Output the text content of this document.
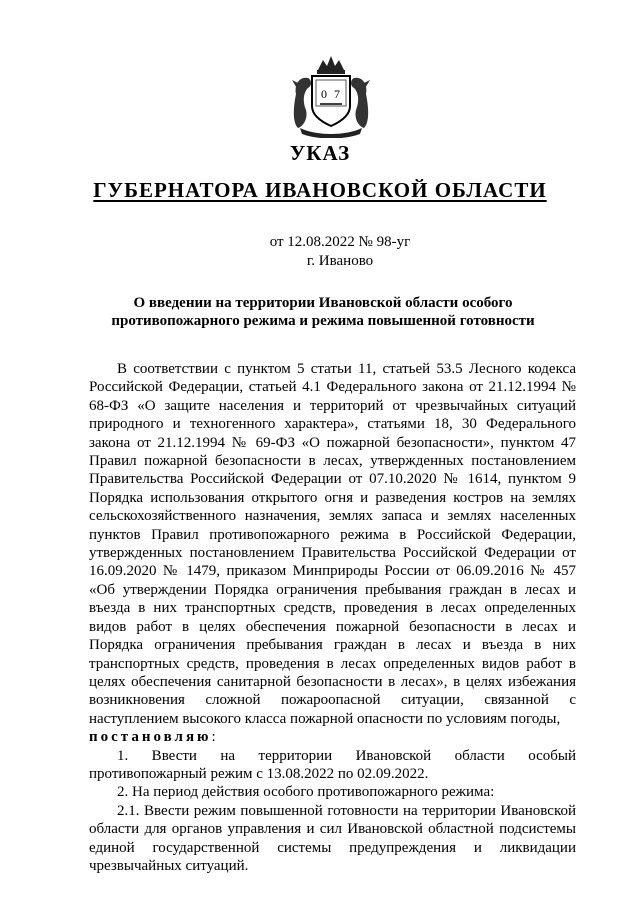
0 7
УКАЗ
ГУБЕРНАТОРА ИВАНОВСКОЙ ОБЛАСТИ
от 12.08.2022 № 98-уг
г. Иваново
О введении на территории Ивановской области особого
противопожарного режима и режима повышенной готовности

В соответствии с пунктом 5 статьи 11, статьей 53.5 Лесного кодекса Российской Федерации, статьей 4.1 Федерального закона от 21.12.1994 № 68-ФЗ «О защите населения и территорий от чрезвычайных ситуаций природного и техногенного характера», статьями 18, 30 Федерального закона от 21.12.1994 № 69-ФЗ «О пожарной безопасности», пунктом 47 Правил пожарной безопасности в лесах, утвержденных постановлением Правительства Российской Федерации от 07.10.2020 № 1614, пунктом 9 Порядка использования открытого огня и разведения костров на землях сельскохозяйственного назначения, землях запаса и землях населенных пунктов Правил противопожарного режима в Российской Федерации, утвержденных постановлением Правительства Российской Федерации от 16.09.2020 № 1479, приказом Минприроды России от 06.09.2016 № 457 «Об утверждении Порядка ограничения пребывания граждан в лесах и въезда в них транспортных средств, проведения в лесах определенных видов работ в целях обеспечения пожарной безопасности в лесах и Порядка ограничения пребывания граждан в лесах и въезда в них транспортных средств, проведения в лесах определенных видов работ в целях обеспечения санитарной безопасности в лесах», в целях избежания возникновения сложной пожароопасной ситуации, связанной с наступлением высокого класса пожарной опасности по условиям погоды,

постановляю:

1. Ввести на территории Ивановской области особый противопожарный режим с 13.08.2022 по 02.09.2022.

2. На период действия особого противопожарного режима:

2.1. Ввести режим повышенной готовности на территории Ивановской области для органов управления и сил Ивановской областной подсистемы единой государственной системы предупреждения и ликвидации чрезвычайных ситуаций.
